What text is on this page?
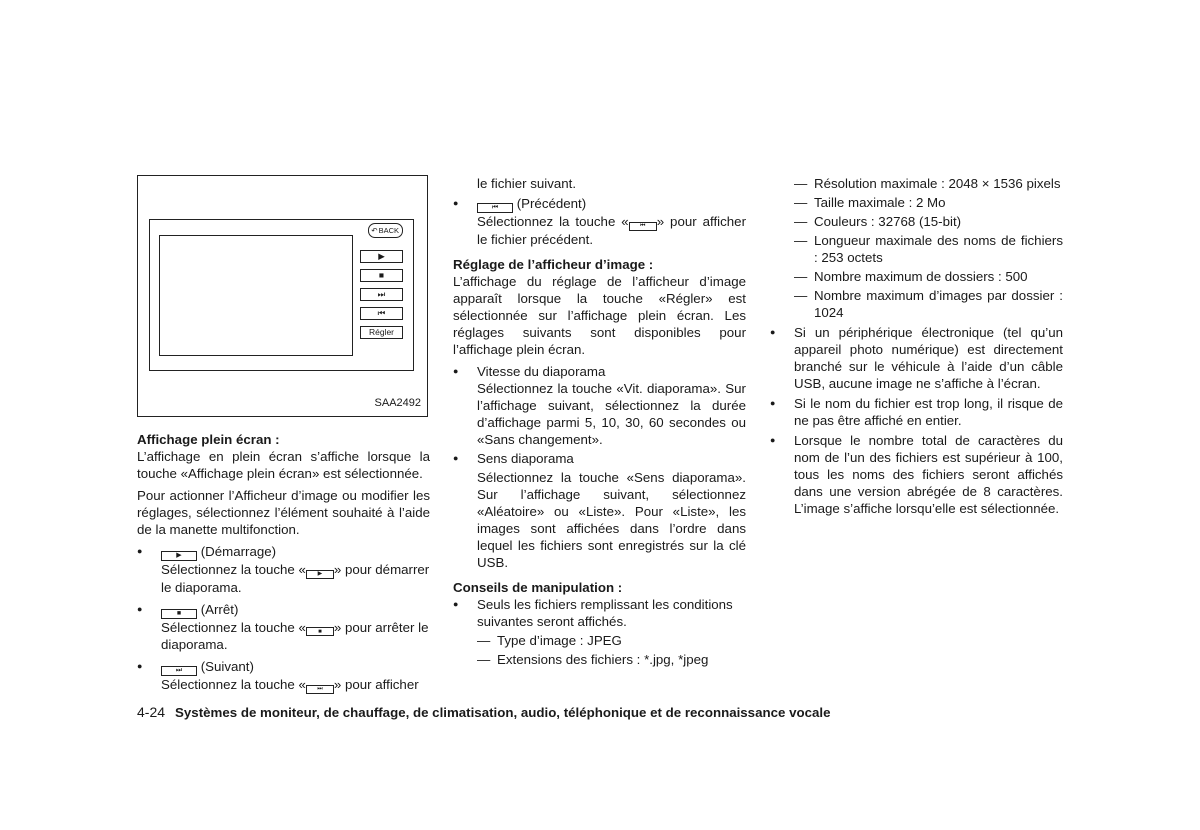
↶ BACK
▶
■
⏭
⏮
Régler
SAA2492

Affichage plein écran :

L’affichage en plein écran s’affiche lorsque la touche «Affichage plein écran» est sélectionnée.

Pour actionner l’Afficheur d’image ou modifier les réglages, sélectionnez l’élément souhaité à l’aide de la manette multifonction.

● ▶ (Démarrage)

Sélectionnez la touche « ▶ » pour démarrer le diaporama.

● ■ (Arrêt)

Sélectionnez la touche « ■ » pour arrêter le diaporama.

● ⏭ (Suivant)

Sélectionnez la touche « ⏭ » pour afficher

le fichier suivant.

● ⏮ (Précédent)

Sélectionnez la touche « ⏮ » pour afficher le fichier précédent.

Réglage de l’afficheur d’image :

L’affichage du réglage de l’afficheur d’image apparaît lorsque la touche «Régler» est sélectionnée sur l’affichage plein écran. Les réglages suivants sont disponibles pour l’affichage plein écran.

● Vitesse du diaporama

Sélectionnez la touche «Vit. diaporama». Sur l’affichage suivant, sélectionnez la durée d’affichage parmi 5, 10, 30, 60 secondes ou «Sans changement».

● Sens diaporama

Sélectionnez la touche «Sens diaporama». Sur l’affichage suivant, sélectionnez «Aléatoire» ou «Liste». Pour «Liste», les images sont affichées dans l’ordre dans lequel les fichiers sont enregistrés sur la clé USB.

Conseils de manipulation :

● Seuls les fichiers remplissant les conditions suivantes seront affichés.

— Type d’image : JPEG

— Extensions des fichiers : *.jpg, *jpeg

— Résolution maximale : 2048 × 1536 pixels

— Taille maximale : 2 Mo

— Couleurs : 32768 (15-bit)

— Longueur maximale des noms de fichiers : 253 octets

— Nombre maximum de dossiers : 500

— Nombre maximum d’images par dossier : 1024

● Si un périphérique électronique (tel qu’un appareil photo numérique) est directement branché sur le véhicule à l’aide d’un câble USB, aucune image ne s’affiche à l’écran.

● Si le nom du fichier est trop long, il risque de ne pas être affiché en entier.

● Lorsque le nombre total de caractères du nom de l’un des fichiers est supérieur à 100, tous les noms des fichiers seront affichés dans une version abrégée de 8 caractères. L’image s’affiche lorsqu’elle est sélectionnée.

4-24 Systèmes de moniteur, de chauffage, de climatisation, audio, téléphonique et de reconnaissance vocale
